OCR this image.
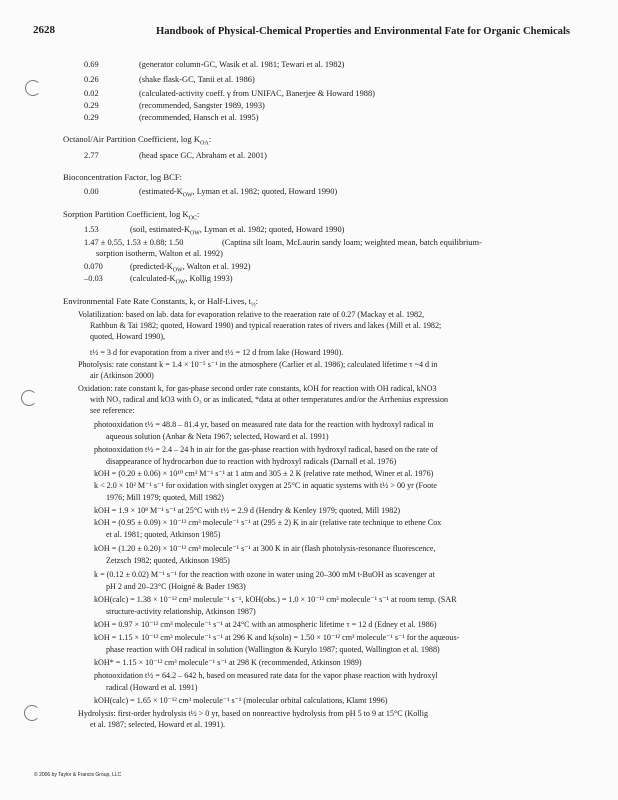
2628	Handbook of Physical-Chemical Properties and Environmental Fate for Organic Chemicals
0.69	(generator column-GC, Wasik et al. 1981; Tewari et al. 1982)
0.26	(shake flask-GC, Tanii et al. 1986)
0.02	(calculated-activity coeff. γ from UNIFAC, Banerjee & Howard 1988)
0.29	(recommended, Sangster 1989, 1993)
0.29	(recommended, Hansch et al. 1995)
Octanol/Air Partition Coefficient, $\log K_{OA}$:
2.77	(head space GC, Abraham et al. 2001)
Bioconcentration Factor, log BCF:
0.00	($estimated-K_{OW}$, Lyman et al. 1982; quoted, Howard 1990)
Sorption Partition Coefficient, $\log K_{OC}$:
1.53	(soil, estimated-$K_{OW}$, Lyman et al. 1982; quoted, Howard 1990)
1.47 ± 0.55, 1.53 ± 0.88; 1.50	(Captina silt loam, McLaurin sandy loam; weighted mean, batch equilibrium-
sorption isotherm, Walton et al. 1992)
0.070	($predicted-K_{OW}$, Walton et al. 1992)
–0.03	($calculated-K_{OW}$, Kollig 1993)
Environmental Fate Rate Constants, k, or Half-Lives, $t_{\frac{1}{2}}$:
Volatilization: based on lab. data for evaporation relative to the reaeration rate of 0.27 (Mackay et al. 1982,
Rathbun & Tai 1982; quoted, Howard 1990) and typical reaeration rates of rivers and lakes (Mill et al. 1982;
quoted, Howard 1990),
t½ = 3 d for evaporation from a river and t½ = 12 d from lake (Howard 1990).
Photolysis: rate constant k = 1.4 × 10⁻⁵ s⁻¹ in the atmosphere (Carlier et al. 1986); calculated lifetime τ ~4 d in
air (Atkinson 2000)
Oxidation: rate constant k, for gas-phase second order rate constants, kOH for reaction with OH radical, kNO3
with NO₃ radical and kO3 with O₃ or as indicated, *data at other temperatures and/or the Arrhenius expression
see reference:
photooxidation t½ = 48.8 – 81.4 yr, based on measured rate data for the reaction with hydroxyl radical in
aqueous solution (Anbar & Neta 1967; selected, Howard et al. 1991)
photooxidation t½ = 2.4 – 24 h in air for the gas-phase reaction with hydroxyl radical, based on the rate of
disappearance of hydrocarbon due to reaction with hydroxyl radicals (Darnall et al. 1976)
kOH = (0.20 ± 0.06) × 10¹⁰ cm³ M⁻¹ s⁻¹ at 1 atm and 305 ± 2 K (relative rate method, Winer et al. 1976)
k < 2.0 × 10² M⁻¹ s⁻¹ for oxidation with singlet oxygen at 25°C in aquatic systems with t½ > 00 yr (Foote
1976; Mill 1979; quoted, Mill 1982)
kOH = 1.9 × 10⁸ M⁻¹ s⁻¹ at 25°C with t½ = 2.9 d (Hendry & Kenley 1979; quoted, Mill 1982)
kOH = (0.95 ± 0.09) × 10⁻¹² cm³ molecule⁻¹ s⁻¹ at (295 ± 2) K in air (relative rate technique to ethene Cox
et al. 1981; quoted, Atkinson 1985)
kOH = (1.20 ± 0.20) × 10⁻¹² cm³ molecule⁻¹ s⁻¹ at 300 K in air (flash photolysis-resonance fluorescence,
Zetzsch 1982; quoted, Atkinson 1985)
k = (0.12 ± 0.02) M⁻¹ s⁻¹ for the reaction with ozone in water using 20–300 mM t-BuOH as scavenger at
pH 2 and 20–23°C (Hoigné & Bader 1983)
kOH(calc) = 1.38 × 10⁻¹² cm³ molecule⁻¹ s⁻¹, kOH(obs.) = 1.0 × 10⁻¹² cm³ molecule⁻¹ s⁻¹ at room temp. (SAR
structure-activity relationship, Atkinson 1987)
kOH = 0.97 × 10⁻¹² cm³ molecule⁻¹ s⁻¹ at 24°C with an atmospheric lifetime τ = 12 d (Edney et al. 1986)
kOH = 1.15 × 10⁻¹² cm³ molecule⁻¹ s⁻¹ at 296 K and k(soln) = 1.50 × 10⁻¹² cm³ molecule⁻¹ s⁻¹ for the aqueous-
phase reaction with OH radical in solution (Wallington & Kurylo 1987; quoted, Wallington et al. 1988)
kOH* = 1.15 × 10⁻¹² cm³ molecule⁻¹ s⁻¹ at 298 K (recommended, Atkinson 1989)
photooxidation t½ = 64.2 – 642 h, based on measured rate data for the vapor phase reaction with hydroxyl
radical (Howard et al. 1991)
kOH(calc) = 1.65 × 10⁻¹² cm³ molecule⁻¹ s⁻¹ (molecular orbital calculations, Klamt 1996)
Hydrolysis: first-order hydrolysis t½ > 0 yr, based on nonreactive hydrolysis from pH 5 to 9 at 15°C (Kollig
et al. 1987; selected, Howard et al. 1991).
© 2006 by Taylor & Francis Group, LLC
